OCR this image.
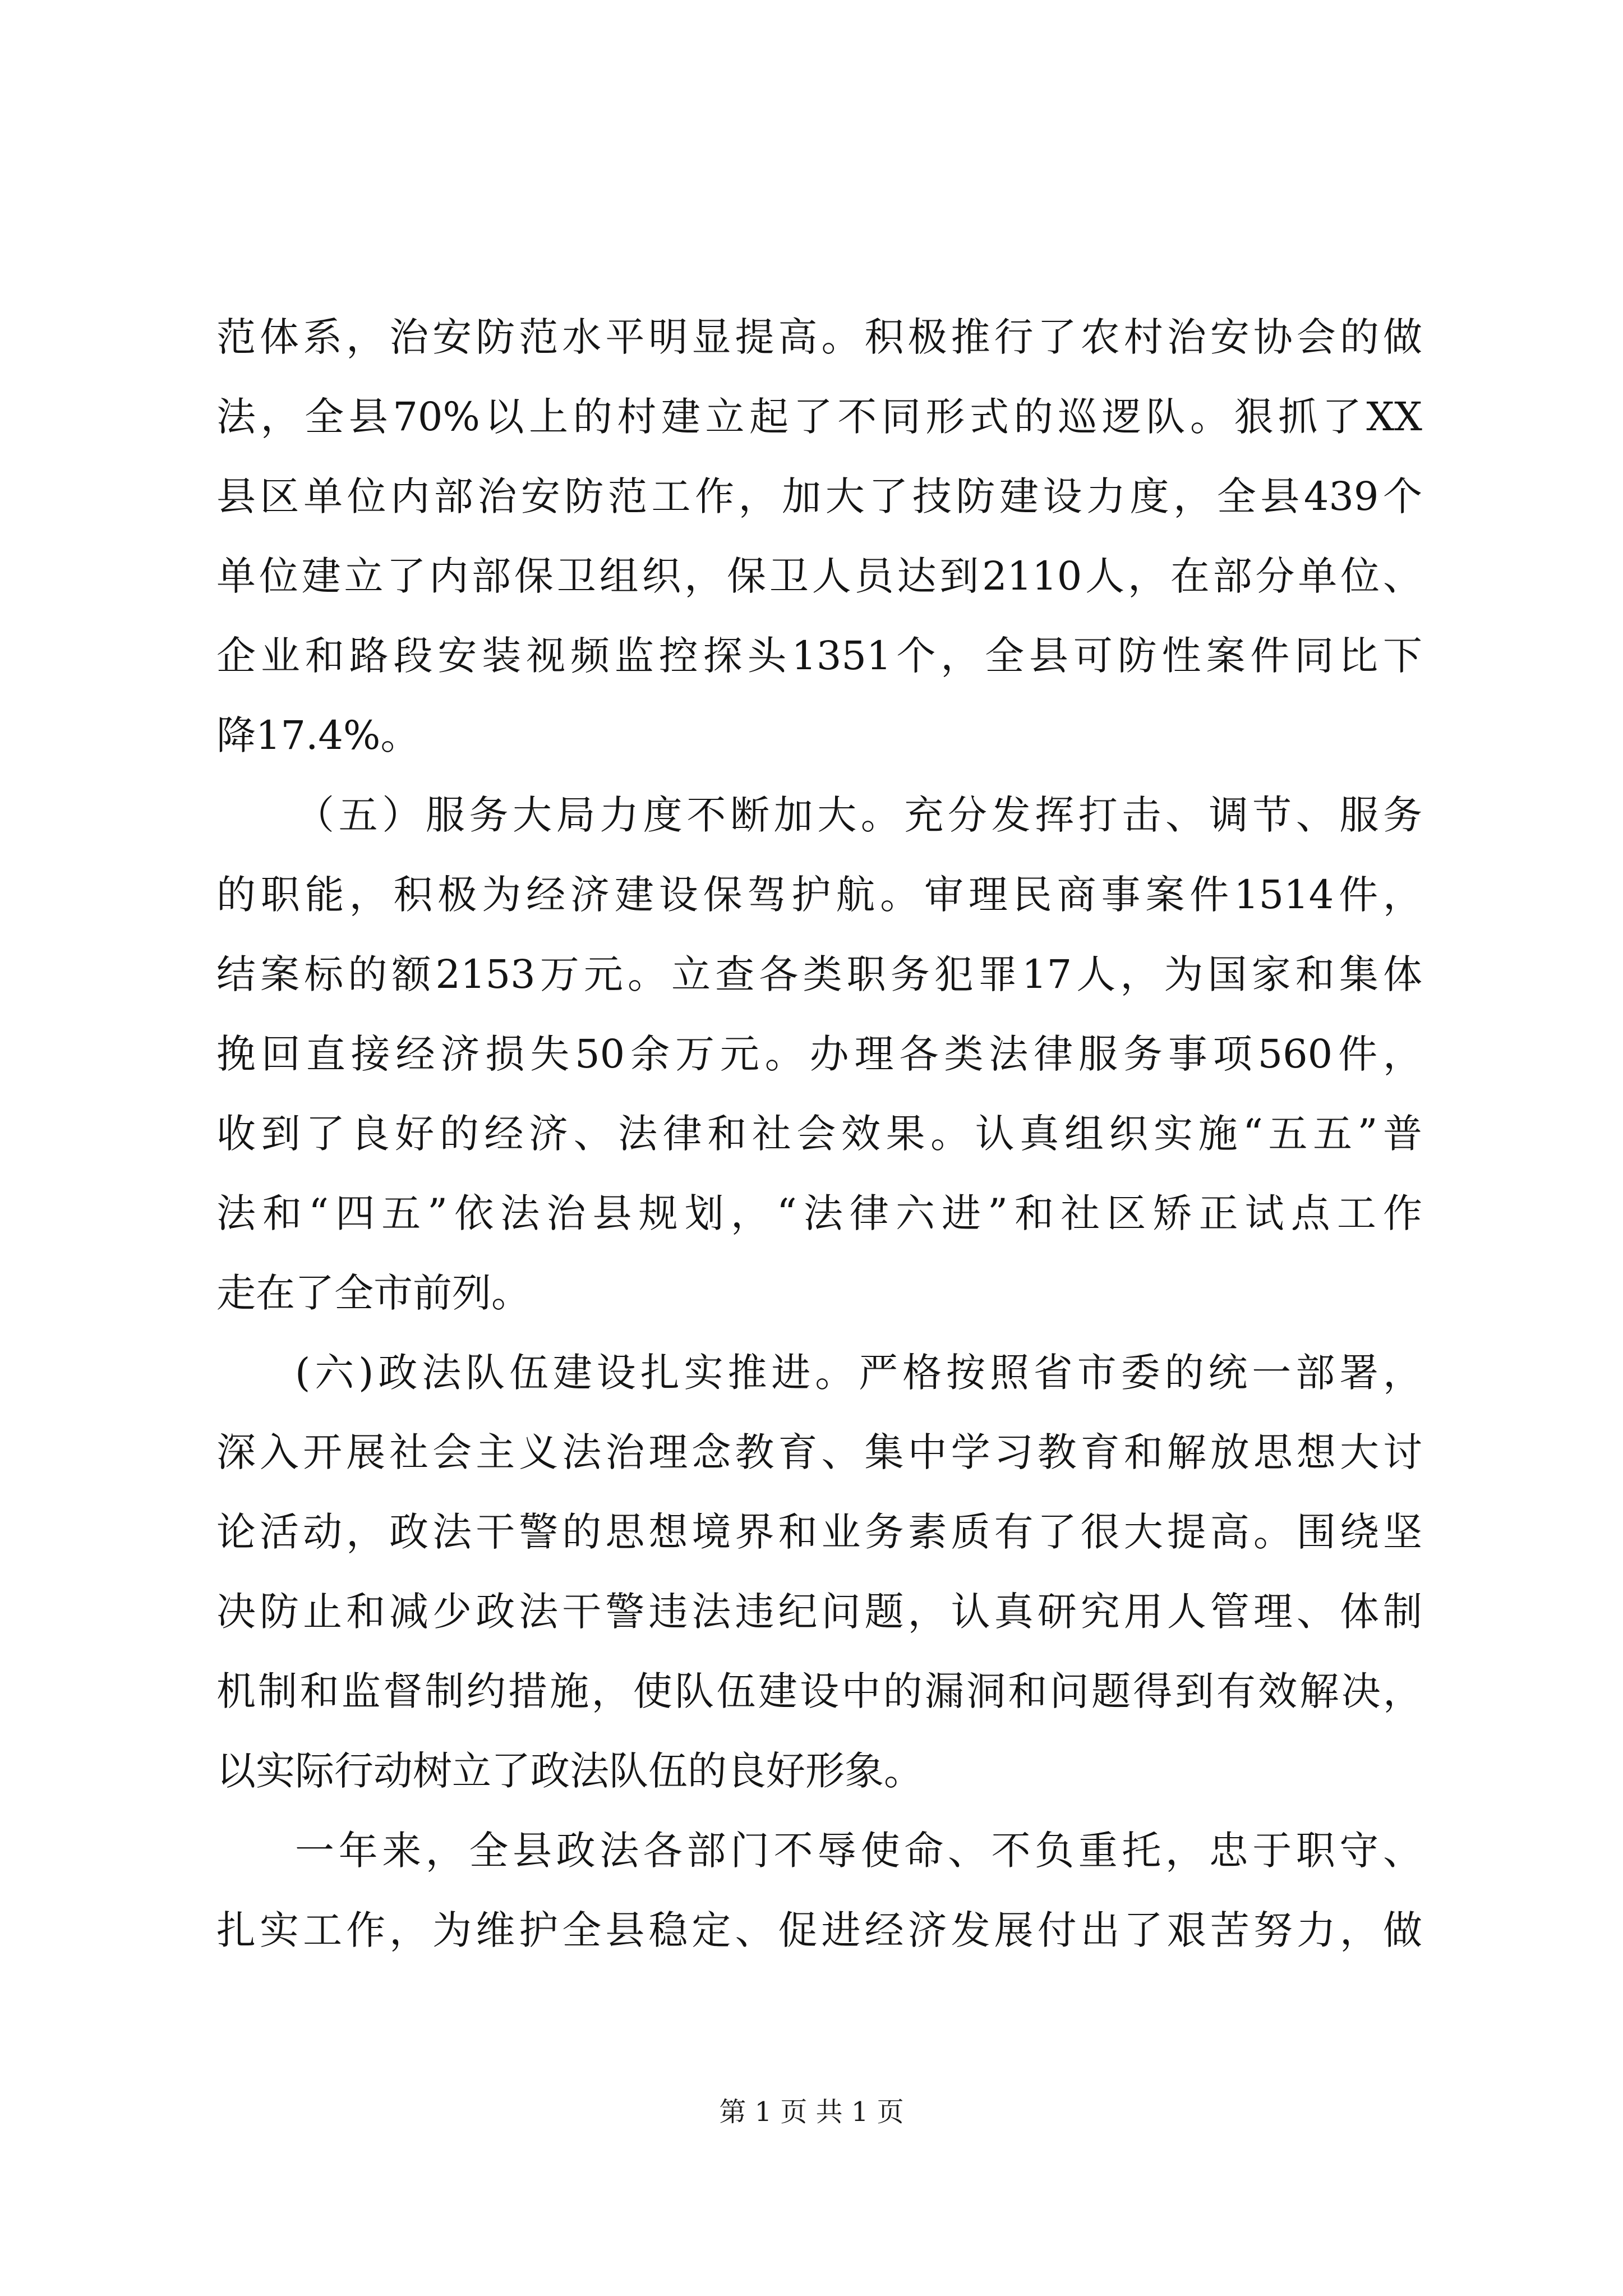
范体系，治安防范水平明显提高。积极推行了农村治安协会的做
法，全县70%以上的村建立起了不同形式的巡逻队。狠抓了XX
县区单位内部治安防范工作，加大了技防建设力度，全县439个
单位建立了内部保卫组织，保卫人员达到2110人，在部分单位、
企业和路段安装视频监控探头1351个，全县可防性案件同比下
降17.4%。
（五）服务大局力度不断加大。充分发挥打击、调节、服务
的职能，积极为经济建设保驾护航。审理民商事案件1514件，
结案标的额2153万元。立查各类职务犯罪17人，为国家和集体
挽回直接经济损失50余万元。办理各类法律服务事项560件，
收到了良好的经济、法律和社会效果。认真组织实施“五五”普
法和“四五”依法治县规划，“法律六进”和社区矫正试点工作
走在了全市前列。
(六)政法队伍建设扎实推进。严格按照省市委的统一部署，
深入开展社会主义法治理念教育、集中学习教育和解放思想大讨
论活动，政法干警的思想境界和业务素质有了很大提高。围绕坚
决防止和减少政法干警违法违纪问题，认真研究用人管理、体制
机制和监督制约措施，使队伍建设中的漏洞和问题得到有效解决，
以实际行动树立了政法队伍的良好形象。
一年来，全县政法各部门不辱使命、不负重托，忠于职守、
扎实工作，为维护全县稳定、促进经济发展付出了艰苦努力，做
第 1 页 共 1 页
